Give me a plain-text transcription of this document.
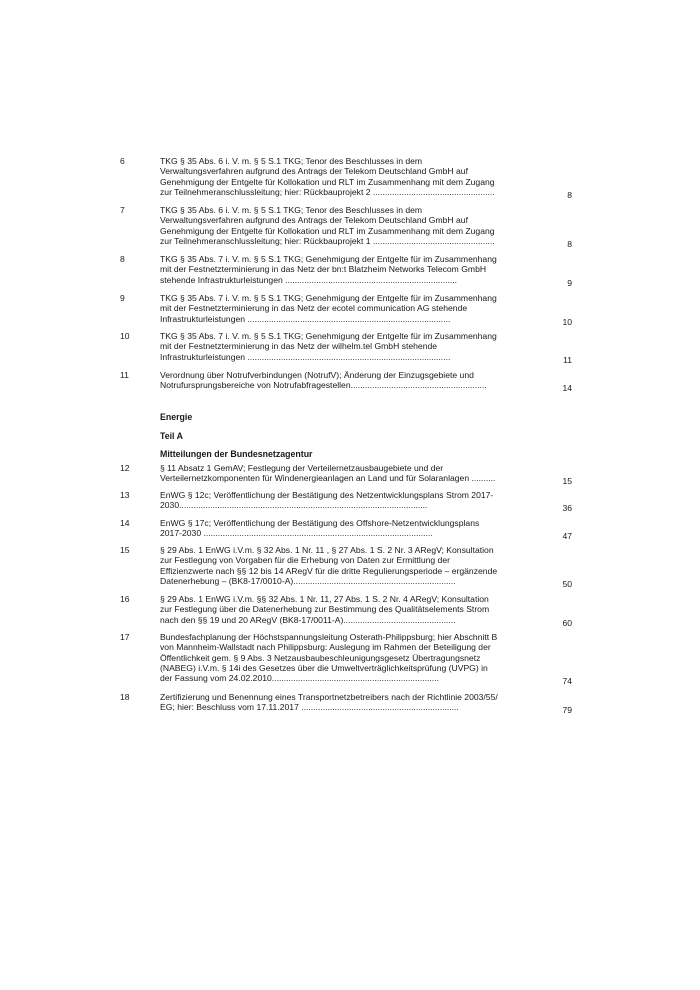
6	TKG § 35 Abs. 6 i. V. m. § 5 S.1 TKG; Tenor des Beschlusses in dem
Verwaltungsverfahren aufgrund des Antrags der Telekom Deutschland GmbH auf
Genehmigung der Entgelte für Kollokation und RLT im Zusammenhang mit dem Zugang
zur Teilnehmeranschlussleitung; hier: Rückbauprojekt 2 ...................................................	8
7	TKG § 35 Abs. 6 i. V. m. § 5 S.1 TKG; Tenor des Beschlusses in dem
Verwaltungsverfahren aufgrund des Antrags der Telekom Deutschland GmbH auf
Genehmigung der Entgelte für Kollokation und RLT im Zusammenhang mit dem Zugang
zur Teilnehmeranschlussleitung; hier: Rückbauprojekt 1 ...................................................	8
8	TKG § 35 Abs. 7 i. V. m. § 5 S.1 TKG; Genehmigung der Entgelte für im Zusammenhang
mit der Festnetzterminierung in das Netz der bn:t Blatzheim Networks Telecom GmbH
stehende Infrastrukturleistungen ........................................................................	9
9	TKG § 35 Abs. 7 i. V. m. § 5 S.1 TKG; Genehmigung der Entgelte für im Zusammenhang
mit der Festnetzterminierung in das Netz der ecotel communication AG stehende
Infrastrukturleistungen .....................................................................................	10
10	TKG § 35 Abs. 7 i. V. m. § 5 S.1 TKG; Genehmigung der Entgelte für im Zusammenhang
mit der Festnetzterminierung in das Netz der wilhelm.tel GmbH stehende
Infrastrukturleistungen .....................................................................................	11
11	Verordnung über Notrufverbindungen (NotrufV); Änderung der Einzugsgebiete und
Notrufursprungsbereiche von Notrufabfragestellen.........................................................	14
Energie
Teil A
Mitteilungen der Bundesnetzagentur
12	§ 11 Absatz 1 GemAV; Festlegung der Verteilernetzausbaugebiete und der
Verteilernetzkomponenten für Windenergieanlagen an Land und für Solaranlagen ..........	15
13	EnWG § 12c; Veröffentlichung der Bestätigung des Netzentwicklungsplans Strom 2017-
2030........................................................................................................	36
14	EnWG § 17c; Veröffentlichung der Bestätigung des Offshore-Netzentwicklungsplans
2017-2030 ................................................................................................	47
15	§ 29 Abs. 1 EnWG i.V.m. § 32 Abs. 1 Nr. 11 , § 27 Abs. 1 S. 2 Nr. 3 ARegV; Konsultation
zur Festlegung von Vorgaben für die Erhebung von Daten zur Ermittlung der
Effizienzwerte nach §§ 12 bis 14 ARegV für die dritte Regulierungsperiode – ergänzende
Datenerhebung – (BK8-17/0010-A)....................................................................	50
16	§ 29 Abs. 1 EnWG i.V.m. §§ 32 Abs. 1 Nr. 11, 27 Abs. 1 S. 2 Nr. 4 ARegV; Konsultation
zur Festlegung über die Datenerhebung zur Bestimmung des Qualitätselements Strom
nach den §§ 19 und 20 ARegV (BK8-17/0011-A)...............................................	60
17	Bundesfachplanung der Höchstspannungsleitung Osterath-Philippsburg; hier Abschnitt B
von Mannheim-Wallstadt nach Philippsburg: Auslegung im Rahmen der Beteiligung der
Öffentlichkeit gem. § 9 Abs. 3 Netzausbaubeschleunigungsgesetz Übertragungsnetz
(NABEG) i.V.m. § 14i des Gesetzes über die Umweltverträglichkeitsprüfung (UVPG) in
der Fassung vom 24.02.2010......................................................................	74
18	Zertifizierung und Benennung eines Transportnetzbetreibers nach der Richtlinie 2003/55/
EG; hier: Beschluss vom 17.11.2017 ..................................................................	79
